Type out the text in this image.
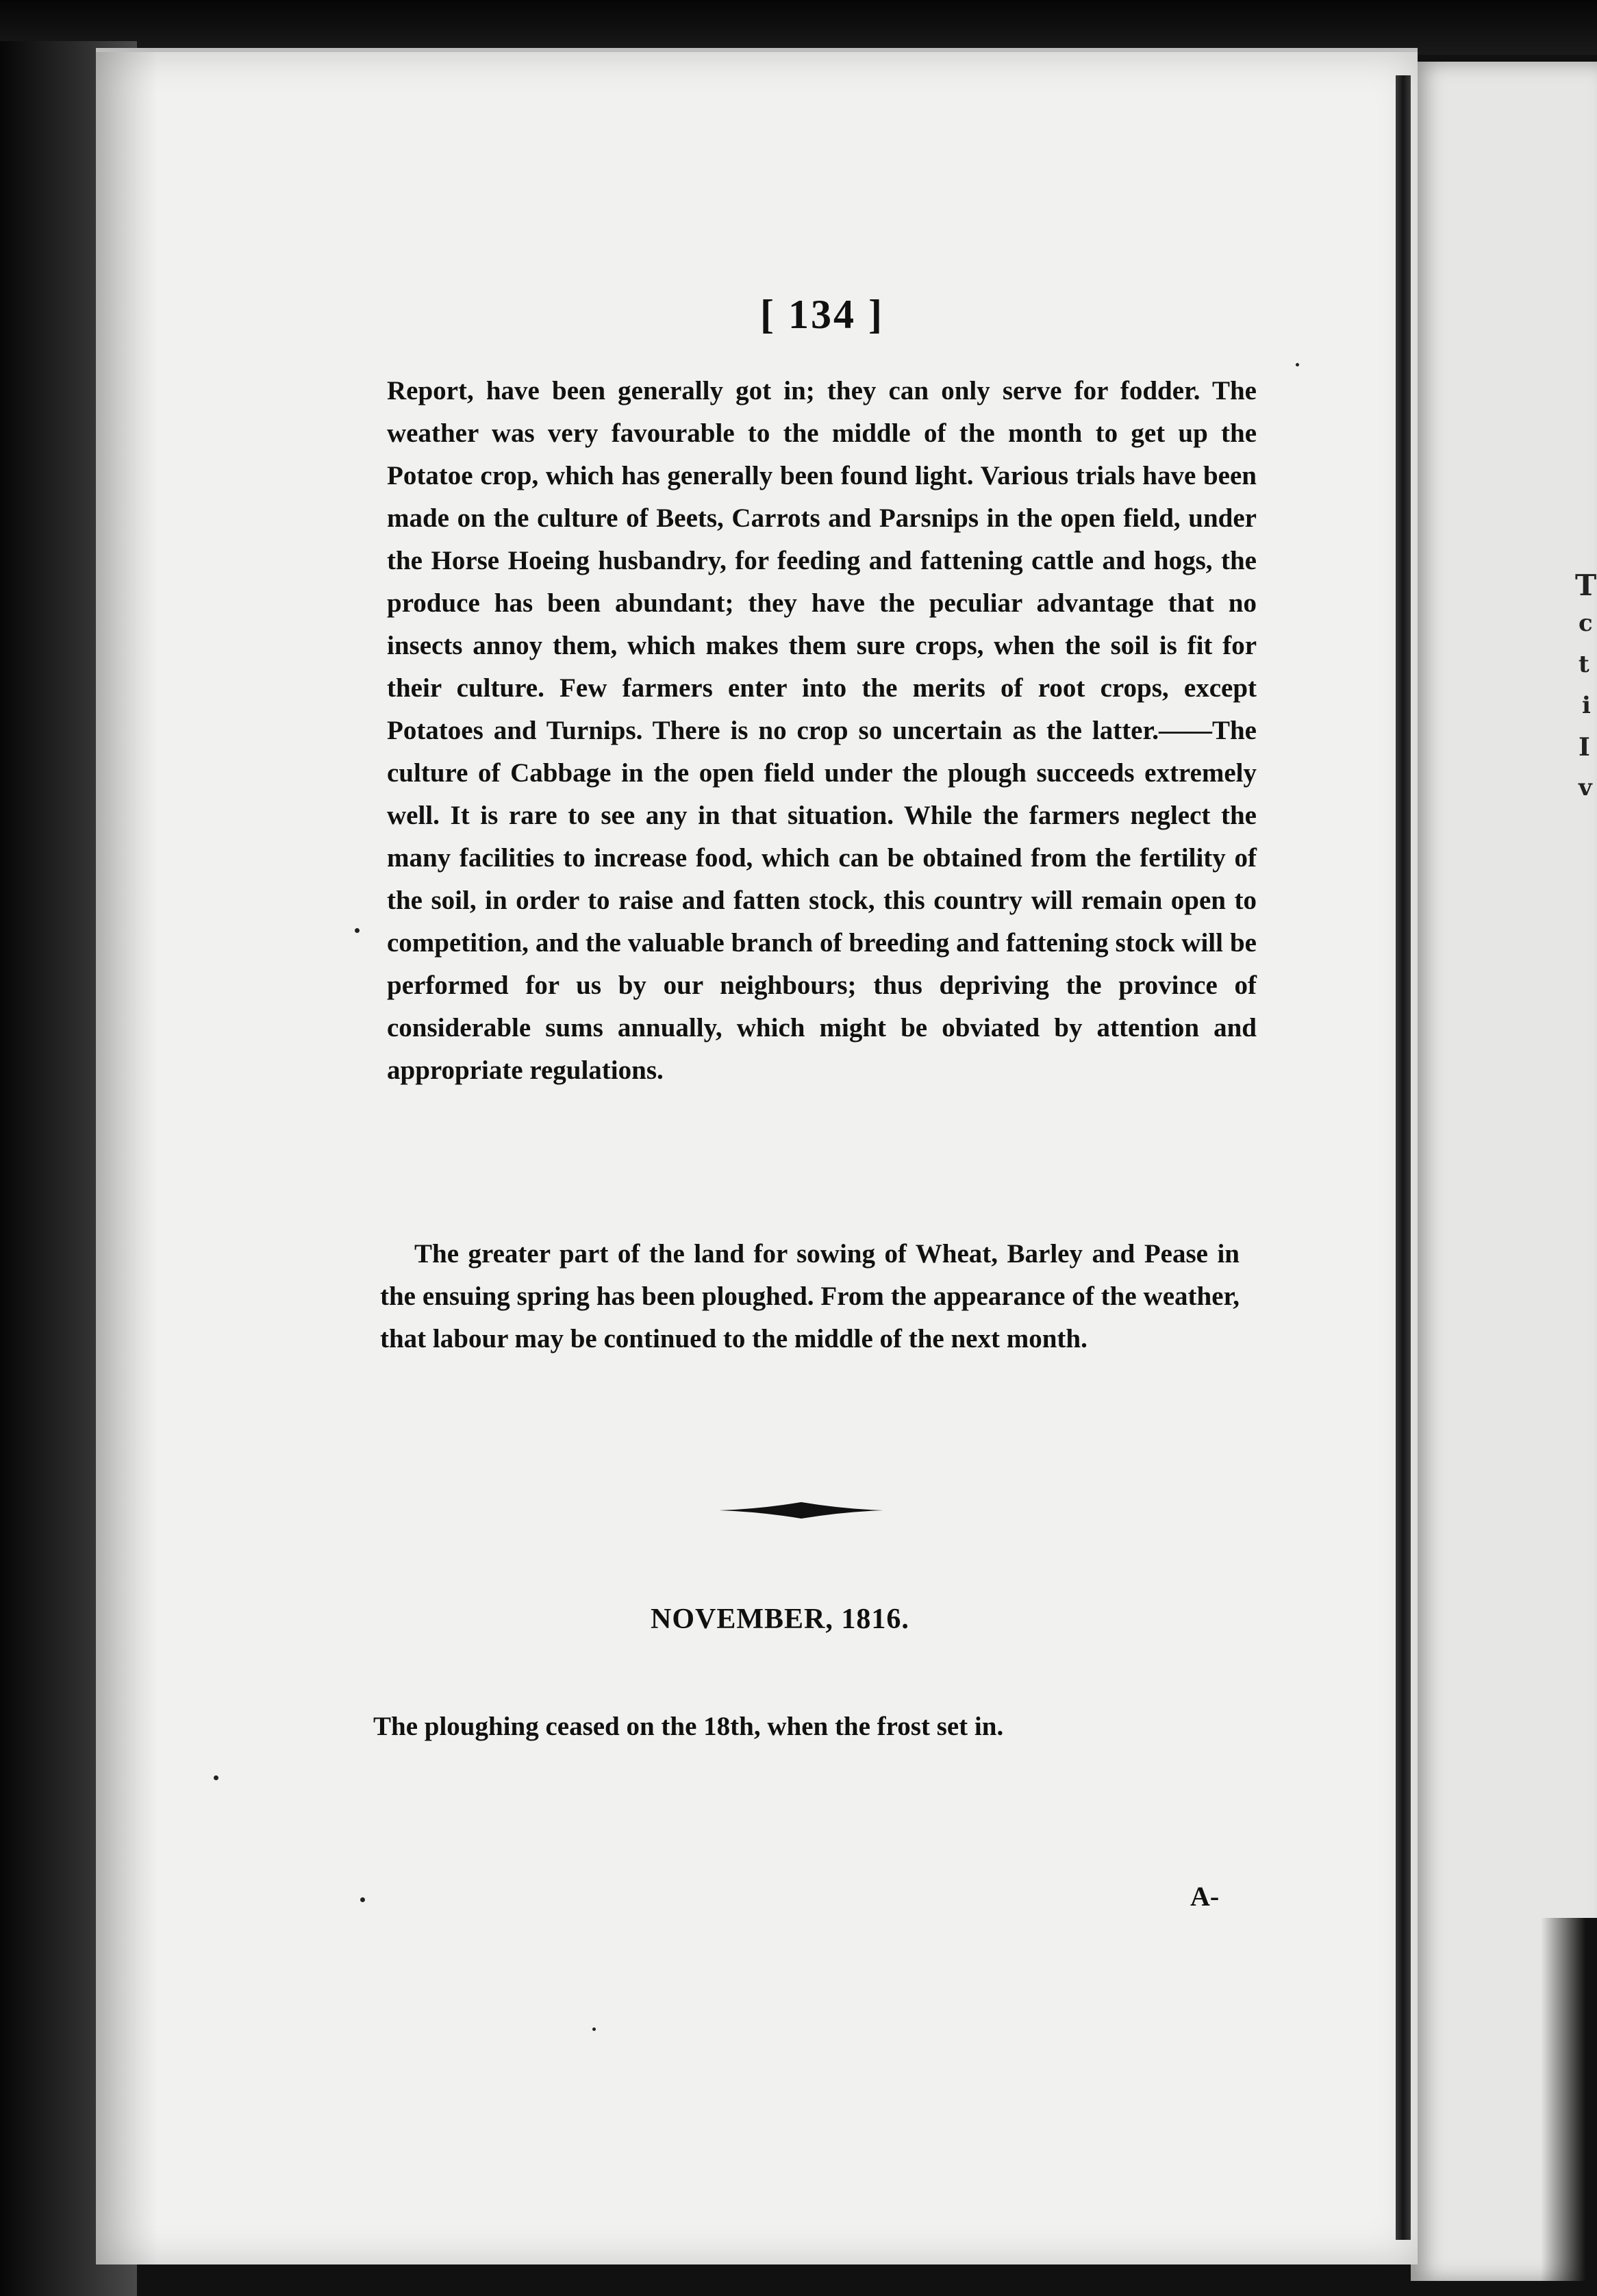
T
c
t
i
I
v
[ 134 ]

Report, have been generally got in; they can only serve for fodder. The weather was very favourable to the middle of the month to get up the Potatoe crop, which has generally been found light. Various trials have been made on the culture of Beets, Carrots and Parsnips in the open field, under the Horse Hoeing husbandry, for feeding and fattening cattle and hogs, the produce has been abundant; they have the peculiar advantage that no insects annoy them, which makes them sure crops, when the soil is fit for their culture. Few farmers enter into the merits of root crops, except Potatoes and Turnips. There is no crop so uncertain as the latter.——The culture of Cabbage in the open field under the plough succeeds extremely well. It is rare to see any in that situation. While the farmers neglect the many facilities to increase food, which can be obtained from the fertility of the soil, in order to raise and fatten stock, this country will remain open to competition, and the valuable branch of breeding and fattening stock will be performed for us by our neighbours; thus depriving the province of considerable sums annually, which might be obviated by attention and appropriate regulations.

The greater part of the land for sowing of Wheat, Barley and Pease in the ensuing spring has been ploughed. From the appearance of the weather, that labour may be continued to the middle of the next month.

NOVEMBER, 1816.

The ploughing ceased on the 18th, when the frost set in.

A-
